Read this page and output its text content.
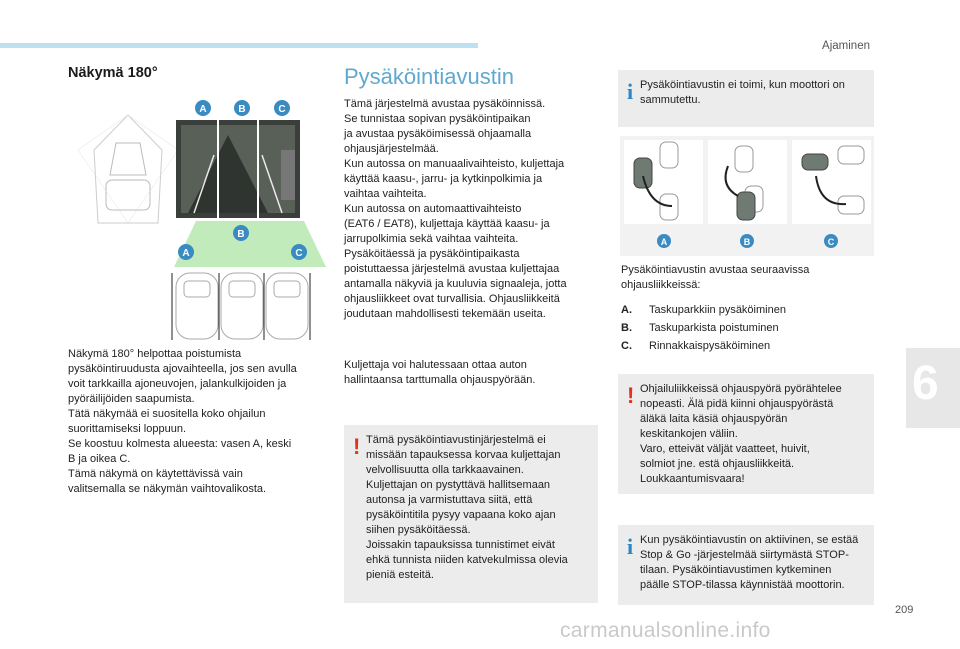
Ajaminen
6
209
carmanualsonline.info
Näkymä 180°
A	B	C
A
B
C

Näkymä 180° helpottaa poistumista

pysäköintiruudusta ajovaihteella, jos sen avulla

voit tarkkailla ajoneuvojen, jalankulkijoiden ja

pyöräilijöiden saapumista.

Tätä näkymää ei suositella koko ohjailun

suorittamiseksi loppuun.

Se koostuu kolmesta alueesta: vasen A, keski

B ja oikea C.

Tämä näkymä on käytettävissä vain

valitsemalla se näkymän vaihtovalikosta.

Pysäköintiavustin

Tämä järjestelmä avustaa pysäköinnissä.

Se tunnistaa sopivan pysäköintipaikan

ja avustaa pysäköimisessä ohjaamalla

ohjausjärjestelmää.

Kun autossa on manuaalivaihteisto, kuljettaja

käyttää kaasu-, jarru- ja kytkinpolkimia ja

vaihtaa vaihteita.

Kun autossa on automaattivaihteisto

(EAT6 / EAT8), kuljettaja käyttää kaasu- ja

jarrupolkimia sekä vaihtaa vaihteita.

Pysäköitäessä ja pysäköintipaikasta

poistuttaessa järjestelmä avustaa kuljettajaa

antamalla näkyviä ja kuuluvia signaaleja, jotta

ohjausliikkeet ovat turvallisia. Ohjausliikkeitä

joudutaan mahdollisesti tekemään useita.

Kuljettaja voi halutessaan ottaa auton

hallintaansa tarttumalla ohjauspyörään.

! Tämä pysäköintiavustinjärjestelmä ei

missään tapauksessa korvaa kuljettajan

velvollisuutta olla tarkkaavainen.

Kuljettajan on pystyttävä hallitsemaan

autonsa ja varmistuttava siitä, että

pysäköintitila pysyy vapaana koko ajan

siihen pysäköitäessä.

Joissakin tapauksissa tunnistimet eivät

ehkä tunnista niiden katvekulmissa olevia

pieniä esteitä.

i Pysäköintiavustin ei toimi, kun moottori on

sammutettu.

A	B	C

Pysäköintiavustin avustaa seuraavissa

ohjausliikkeissä:

A.	Taskuparkkiin pysäköiminen
B.	Taskuparkista poistuminen
C.	Rinnakkaispysäköiminen
! Ohjailuliikkeissä ohjauspyörä pyörähtelee

nopeasti. Älä pidä kiinni ohjauspyörästä

äläkä laita käsiä ohjauspyörän

keskitankojen väliin.

Varo, etteivät väljät vaatteet, huivit,

solmiot jne. estä ohjausliikkeitä.

Loukkaantumisvaara!

i Kun pysäköintiavustin on aktiivinen, se estää

Stop & Go -järjestelmää siirtymästä STOP-

tilaan. Pysäköintiavustimen kytkeminen

päälle STOP-tilassa käynnistää moottorin.
